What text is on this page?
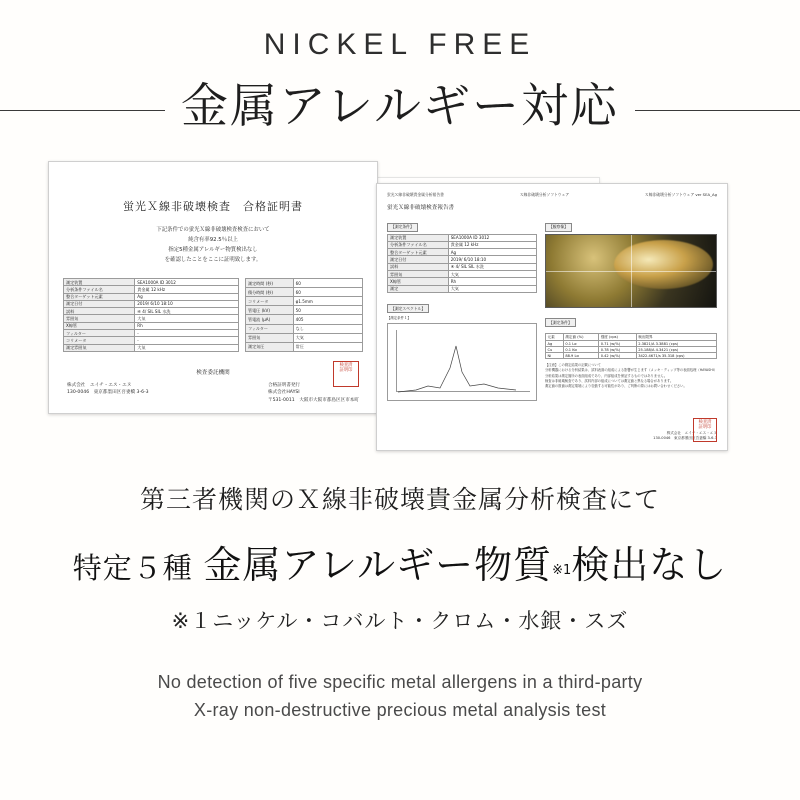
NICKEL FREE
金属アレルギー対応
蛍光Ｘ線非破壊検査　合格証明書
下記条件での蛍光Ｘ線非破壊検査検査において
純含有率92.5％以上
指定5種金属アレルギー物質検出なし
を確認したことをここに証明致します。
測定装置	SEA1000A ID 3012
分析条件ファイル名	貴金属 12 kHz
整合ターゲット元素	Ag
測定日付	2019/ 6/10 18:10
試料	④ 4/ SIL SIL 水洗
雰囲気	大気
X線管	Rh
フィルター	-
コリメータ	-
測定雰囲気	大気
測定時間 (秒)	60
積分時間 (秒)	60
コリメータ	φ1.5mm
管電圧 (kV)	50
管電流 (μA)	405
フィルター	なし
雰囲気	大気
測定気圧	常圧
検査委託機関
株式会社　エイチ・エス・エヌ
130-0046　東京都墨田区吾妻橋 3-6-3
合格証明書発行
株式会社HAYSI
〒531-0011　大阪市大阪市都島区区市本町
検査済
証明印
蛍光Ｘ線非破壊貴金属分析報告書	Ｘ線非破壊分析ソフトウェア	Ｘ線非破壊分析ソフトウェア ver SEA_Ag
蛍光Ｘ線非破壊検査報告書
【測定条件】
測定装置	SEA1000A ID 3012
分析条件ファイル名	貴金属 12 kHz
整合ターゲット元素	Ag
測定日付	2019/ 6/10 18:10
試料	④ 4/ SIL SIL 水洗
雰囲気	大気
X線管	Rh
測定	大気
【測定スペクトル】
【測定条件１】
【観察像】
【測定条件】
元素	測定値 (%)	強度 (cps)	検出限界
Ag	0.1 Lα	0.71 (w/%)	2.3821/A 3.3881 (cps)
Cu	0.1 Kα	0.78 (w/%)	25.188/A 4.3421 (cps)
Ni	88.9 Lα	0.42 (w/%)	3422.4671/s 35.318 (cps)
【注意】この測定結果の記載について
分析機器における分析結果は、試料表面の組成による影響が生じます（メッキ・ディップ等の表面処理（HAYASHI）
分析結果は測定箇所の表面組成であり、内部組成を保証するものではありません。
検査は非破壊検査であり、試料内部の組成については測定値と異なる場合があります。
測定値の数値は測定環境により変動する可能性があり、ご判断の際にはお問い合わせください。
株式会社　エイチ・エス・エヌ
130-0046　東京都墨田区吾妻橋 3-6-3
検査済
証明印
第三者機関のＸ線非破壊貴金属分析検査にて
特定５種 金属アレルギー物質$^{※1}$検出なし
※１ニッケル・コバルト・クロム・水銀・スズ
No detection of five specific metal allergens in a third-party
X-ray non-destructive precious metal analysis test
